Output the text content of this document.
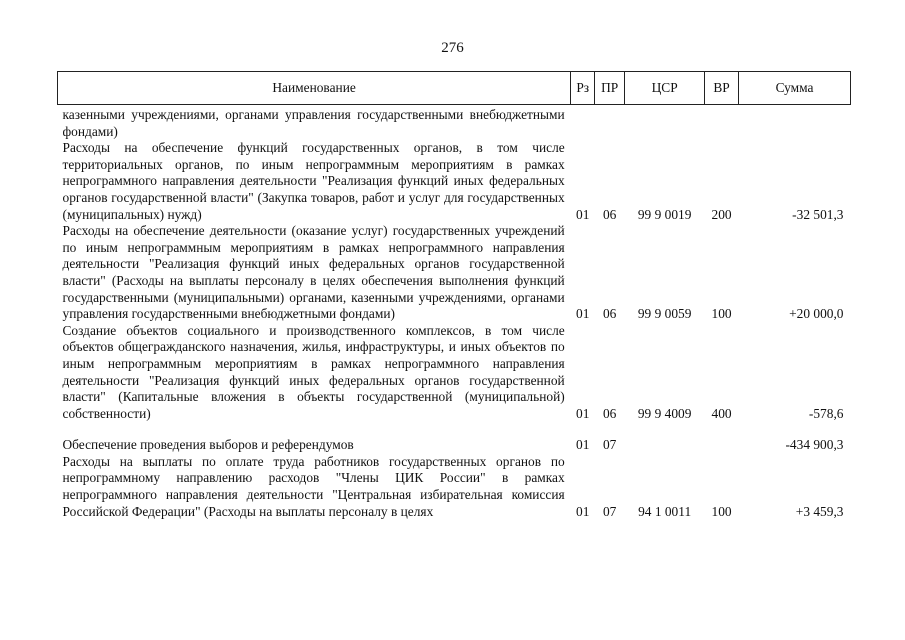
276
Наименование	Рз	ПР	ЦСР	ВР	Сумма
казенными учреждениями, органами управления государственными внебюджетными фондами)					
Расходы на обеспечение функций государственных органов, в том числе территориальных органов, по иным непрограммным мероприятиям в рамках непрограммного направления деятельности "Реализация функций иных федеральных органов государственной власти" (Закупка товаров, работ и услуг для государственных (муниципальных) нужд)	01	06	99 9 0019	200	-32 501,3
Расходы на обеспечение деятельности (оказание услуг) государственных учреждений по иным непрограммным мероприятиям в рамках непрограммного направления деятельности "Реализация функций иных федеральных органов государственной власти" (Расходы на выплаты персоналу в целях обеспечения выполнения функций государственными (муниципальными) органами, казенными учреждениями, органами управления государственными внебюджетными фондами)	01	06	99 9 0059	100	+20 000,0
Создание объектов социального и производственного комплексов, в том числе объектов общегражданского назначения, жилья, инфраструктуры, и иных объектов по иным непрограммным мероприятиям в рамках непрограммного направления деятельности "Реализация функций иных федеральных органов государственной власти" (Капитальные вложения в объекты государственной (муниципальной) собственности)	01	06	99 9 4009	400	-578,6
Обеспечение проведения выборов и референдумов	01	07			-434 900,3
Расходы на выплаты по оплате труда работников государственных органов по непрограммному направлению расходов "Члены ЦИК России" в рамках непрограммного направления деятельности "Центральная избирательная комиссия Российской Федерации" (Расходы на выплаты персоналу в целях	01	07	94 1 0011	100	+3 459,3
